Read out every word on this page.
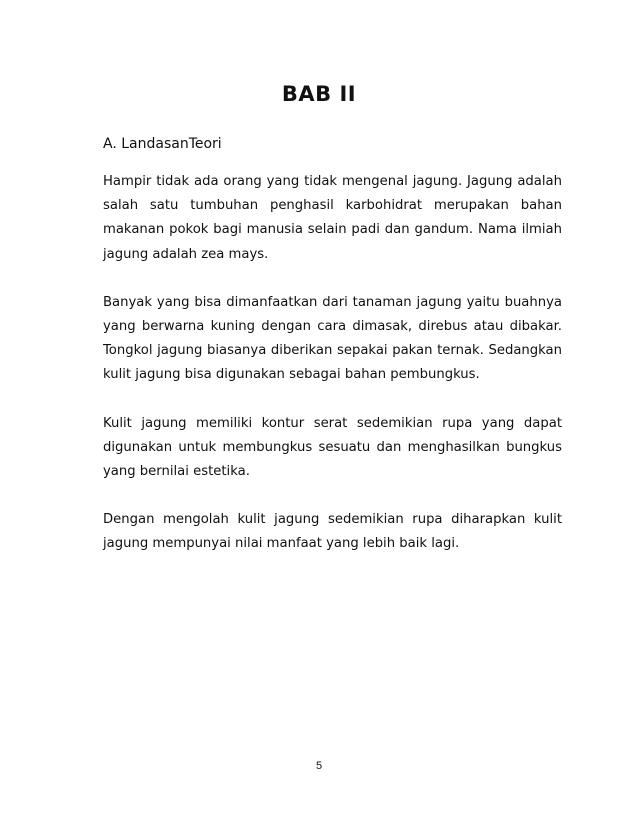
BAB II
A. LandasanTeori

Hampir tidak ada orang yang tidak mengenal jagung. Jagung adalah salah satu tumbuhan penghasil karbohidrat merupakan bahan makanan pokok bagi manusia selain padi dan gandum. Nama ilmiah jagung adalah zea mays.

Banyak yang bisa dimanfaatkan dari tanaman jagung yaitu buahnya yang berwarna kuning dengan cara dimasak, direbus atau dibakar. Tongkol jagung biasanya diberikan sepakai pakan ternak. Sedangkan kulit jagung bisa digunakan sebagai bahan pembungkus.

Kulit jagung memiliki kontur serat sedemikian rupa yang dapat digunakan untuk membungkus sesuatu dan menghasilkan bungkus yang bernilai estetika.

Dengan mengolah kulit jagung sedemikian rupa diharapkan kulit jagung mempunyai nilai manfaat yang lebih baik lagi.

5
